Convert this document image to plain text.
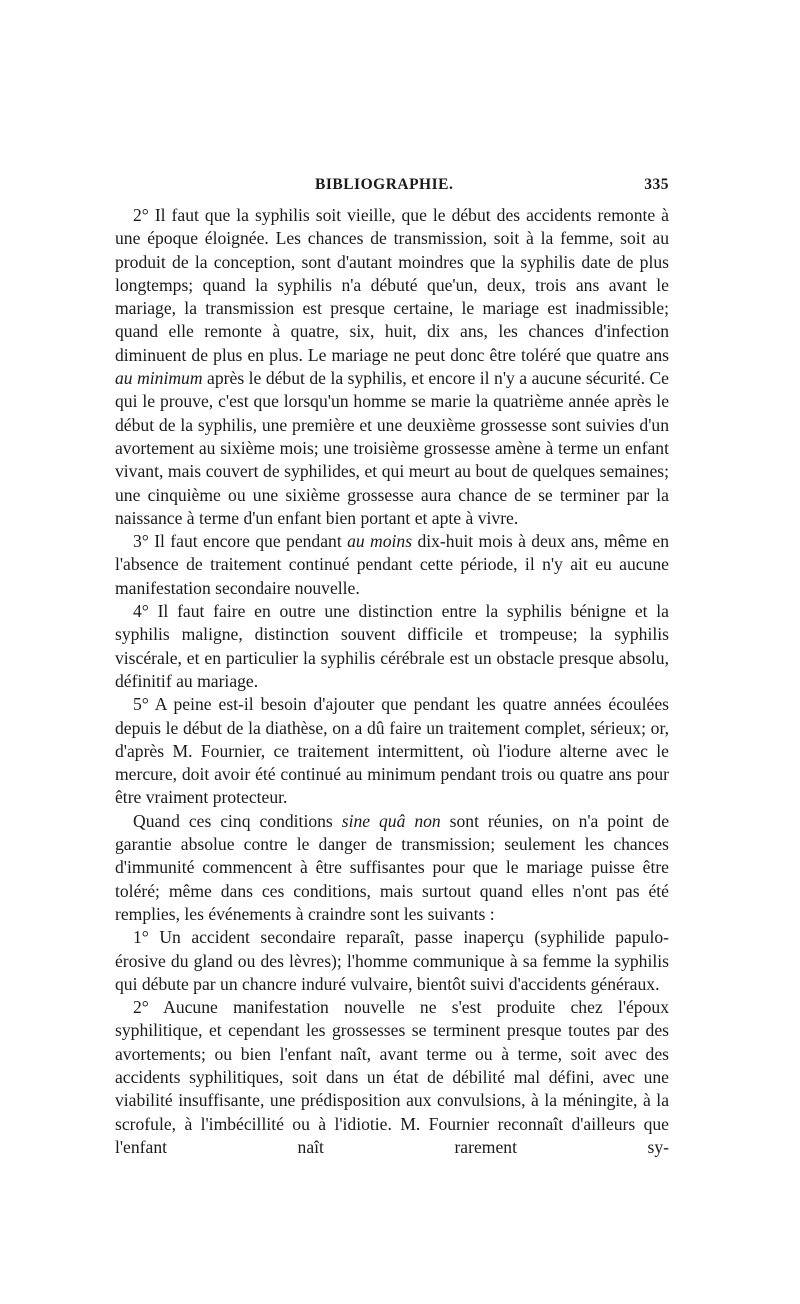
BIBLIOGRAPHIE.	335

2° Il faut que la syphilis soit vieille, que le début des accidents remonte à une époque éloignée. Les chances de transmission, soit à la femme, soit au produit de la conception, sont d'autant moindres que la syphilis date de plus longtemps; quand la syphilis n'a débuté que'un, deux, trois ans avant le mariage, la transmission est presque certaine, le mariage est inadmissible; quand elle remonte à quatre, six, huit, dix ans, les chances d'infection diminuent de plus en plus. Le mariage ne peut donc être toléré que quatre ans au minimum après le début de la syphilis, et encore il n'y a aucune sécurité. Ce qui le prouve, c'est que lorsqu'un homme se marie la quatrième année après le début de la syphilis, une première et une deuxième grossesse sont suivies d'un avortement au sixième mois; une troisième grossesse amène à terme un enfant vivant, mais couvert de syphilides, et qui meurt au bout de quelques semaines; une cinquième ou une sixième grossesse aura chance de se terminer par la naissance à terme d'un enfant bien portant et apte à vivre.

3° Il faut encore que pendant au moins dix-huit mois à deux ans, même en l'absence de traitement continué pendant cette période, il n'y ait eu aucune manifestation secondaire nouvelle.

4° Il faut faire en outre une distinction entre la syphilis bénigne et la syphilis maligne, distinction souvent difficile et trompeuse; la syphilis viscérale, et en particulier la syphilis cérébrale est un obstacle presque absolu, définitif au mariage.

5° A peine est-il besoin d'ajouter que pendant les quatre années écoulées depuis le début de la diathèse, on a dû faire un traitement complet, sérieux; or, d'après M. Fournier, ce traitement intermittent, où l'iodure alterne avec le mercure, doit avoir été continué au minimum pendant trois ou quatre ans pour être vraiment protecteur.

Quand ces cinq conditions sine quâ non sont réunies, on n'a point de garantie absolue contre le danger de transmission; seulement les chances d'immunité commencent à être suffisantes pour que le mariage puisse être toléré; même dans ces conditions, mais surtout quand elles n'ont pas été remplies, les événements à craindre sont les suivants :

1° Un accident secondaire reparaît, passe inaperçu (syphilide papulo-érosive du gland ou des lèvres); l'homme communique à sa femme la syphilis qui débute par un chancre induré vulvaire, bientôt suivi d'accidents généraux.

2° Aucune manifestation nouvelle ne s'est produite chez l'époux syphilitique, et cependant les grossesses se terminent presque toutes par des avortements; ou bien l'enfant naît, avant terme ou à terme, soit avec des accidents syphilitiques, soit dans un état de débilité mal défini, avec une viabilité insuffisante, une prédisposition aux convulsions, à la méningite, à la scrofule, à l'imbécillité ou à l'idiotie. M. Fournier reconnaît d'ailleurs que l'enfant naît rarement sy-
